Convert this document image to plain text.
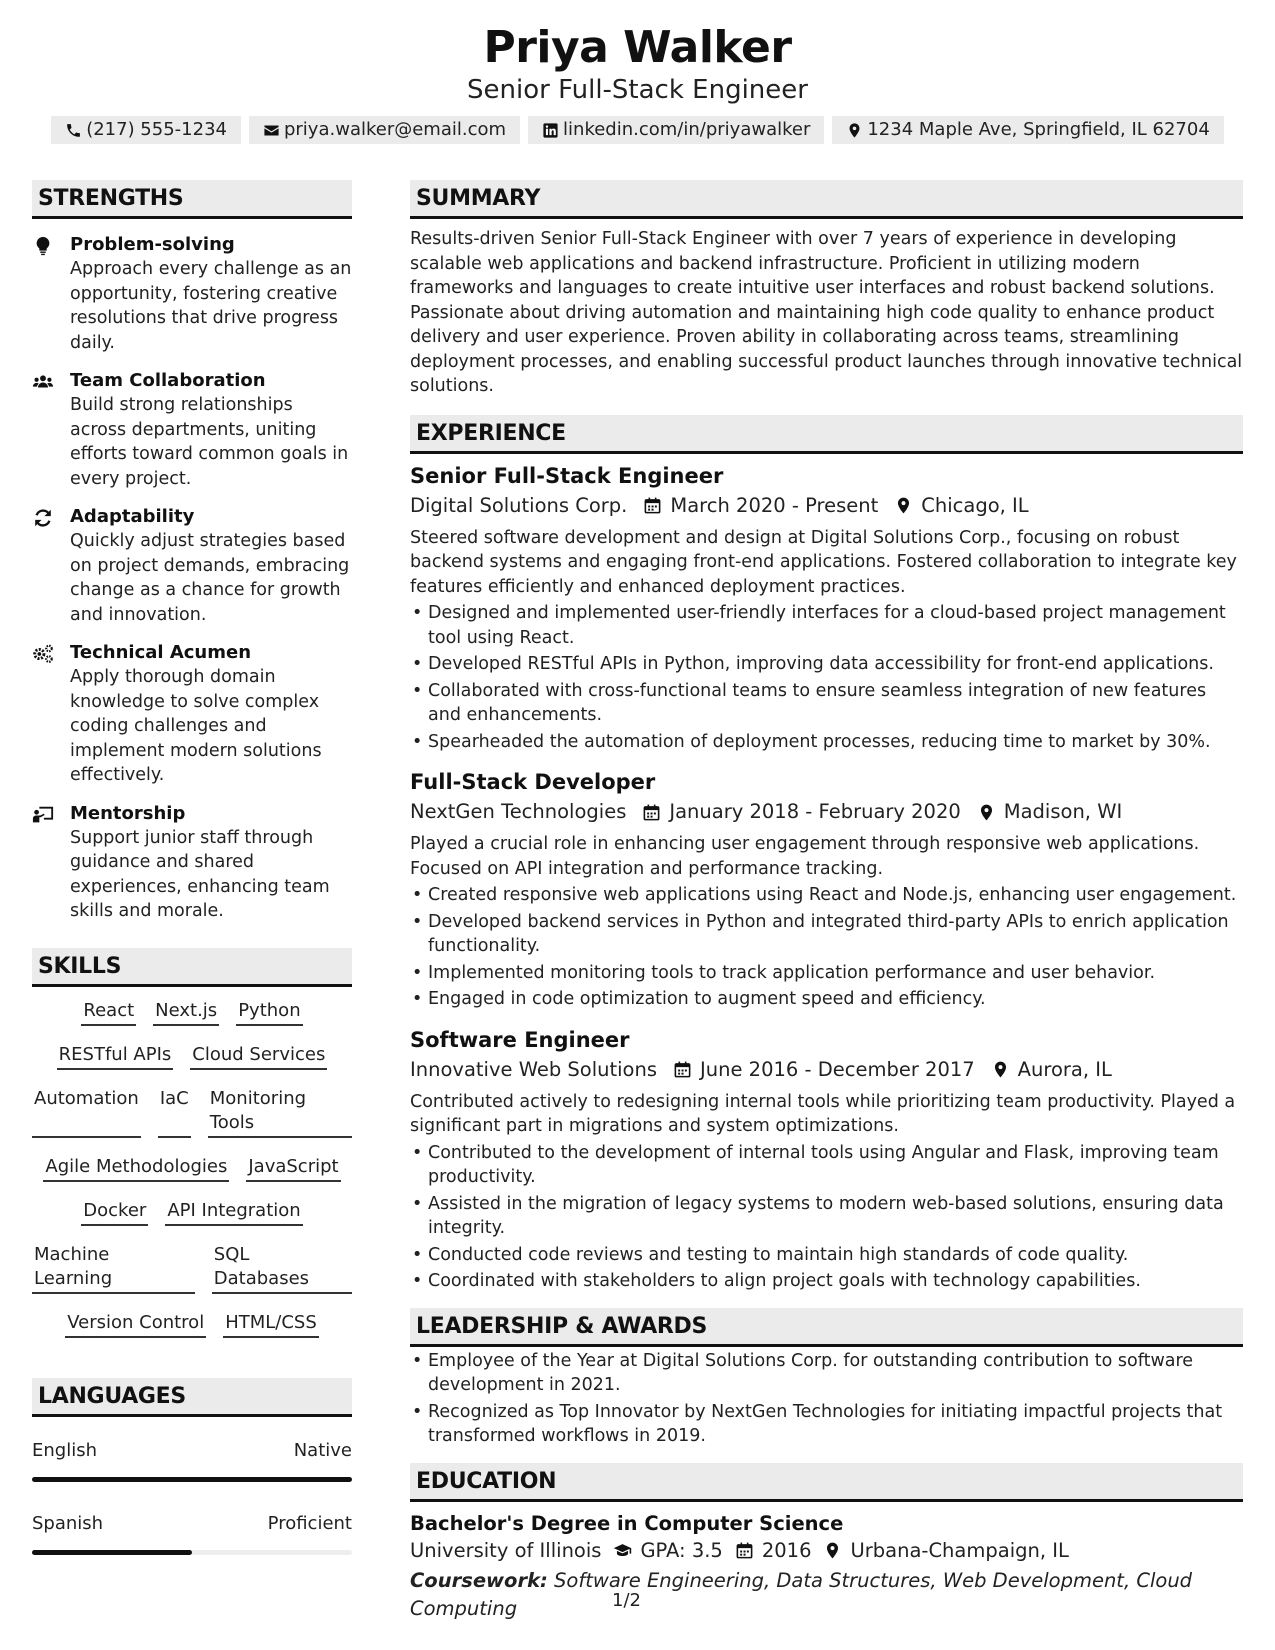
Priya Walker
Senior Full-Stack Engineer
(217) 555-1234	priya.walker@email.com	linkedin.com/in/priyawalker	1234 Maple Ave, Springfield, IL 62704
STRENGTHS
Problem-solving
Approach every challenge as an opportunity, fostering creative resolutions that drive progress daily.
Team Collaboration
Build strong relationships across departments, uniting efforts toward common goals in every project.
Adaptability
Quickly adjust strategies based on project demands, embracing change as a chance for growth and innovation.
Technical Acumen
Apply thorough domain knowledge to solve complex coding challenges and implement modern solutions effectively.
Mentorship
Support junior staff through guidance and shared experiences, enhancing team skills and morale.
SKILLS
React Next.js Python
RESTful APIs Cloud Services
Automation IaC Monitoring Tools
Agile Methodologies JavaScript
Docker API Integration
Machine Learning
SQL Databases
Version Control HTML/CSS
LANGUAGES
English	Native
Spanish	Proficient
SUMMARY

Results-driven Senior Full-Stack Engineer with over 7 years of experience in developing scalable web applications and backend infrastructure. Proficient in utilizing modern frameworks and languages to create intuitive user interfaces and robust backend solutions. Passionate about driving automation and maintaining high code quality to enhance product delivery and user experience. Proven ability in collaborating across teams, streamlining deployment processes, and enabling successful product launches through innovative technical solutions.

EXPERIENCE
Senior Full-Stack Engineer
Digital Solutions Corp. March 2020 - Present Chicago, IL
Steered software development and design at Digital Solutions Corp., focusing on robust backend systems and engaging front-end applications. Fostered collaboration to integrate key features efficiently and enhanced deployment practices.
• Designed and implemented user-friendly interfaces for a cloud-based project management tool using React.
• Developed RESTful APIs in Python, improving data accessibility for front-end applications.
• Collaborated with cross-functional teams to ensure seamless integration of new features and enhancements.
• Spearheaded the automation of deployment processes, reducing time to market by 30%.
Full-Stack Developer
NextGen Technologies January 2018 - February 2020 Madison, WI
Played a crucial role in enhancing user engagement through responsive web applications. Focused on API integration and performance tracking.
• Created responsive web applications using React and Node.js, enhancing user engagement.
• Developed backend services in Python and integrated third-party APIs to enrich application functionality.
• Implemented monitoring tools to track application performance and user behavior.
• Engaged in code optimization to augment speed and efficiency.
Software Engineer
Innovative Web Solutions June 2016 - December 2017 Aurora, IL
Contributed actively to redesigning internal tools while prioritizing team productivity. Played a significant part in migrations and system optimizations.
• Contributed to the development of internal tools using Angular and Flask, improving team productivity.
• Assisted in the migration of legacy systems to modern web-based solutions, ensuring data integrity.
• Conducted code reviews and testing to maintain high standards of code quality.
• Coordinated with stakeholders to align project goals with technology capabilities.
LEADERSHIP & AWARDS
• Employee of the Year at Digital Solutions Corp. for outstanding contribution to software development in 2021.
• Recognized as Top Innovator by NextGen Technologies for initiating impactful projects that transformed workflows in 2019.
EDUCATION
Bachelor's Degree in Computer Science
University of Illinois GPA: 3.5 2016 Urbana-Champaign, IL
Coursework: Software Engineering, Data Structures, Web Development, Cloud Computing	1/2
